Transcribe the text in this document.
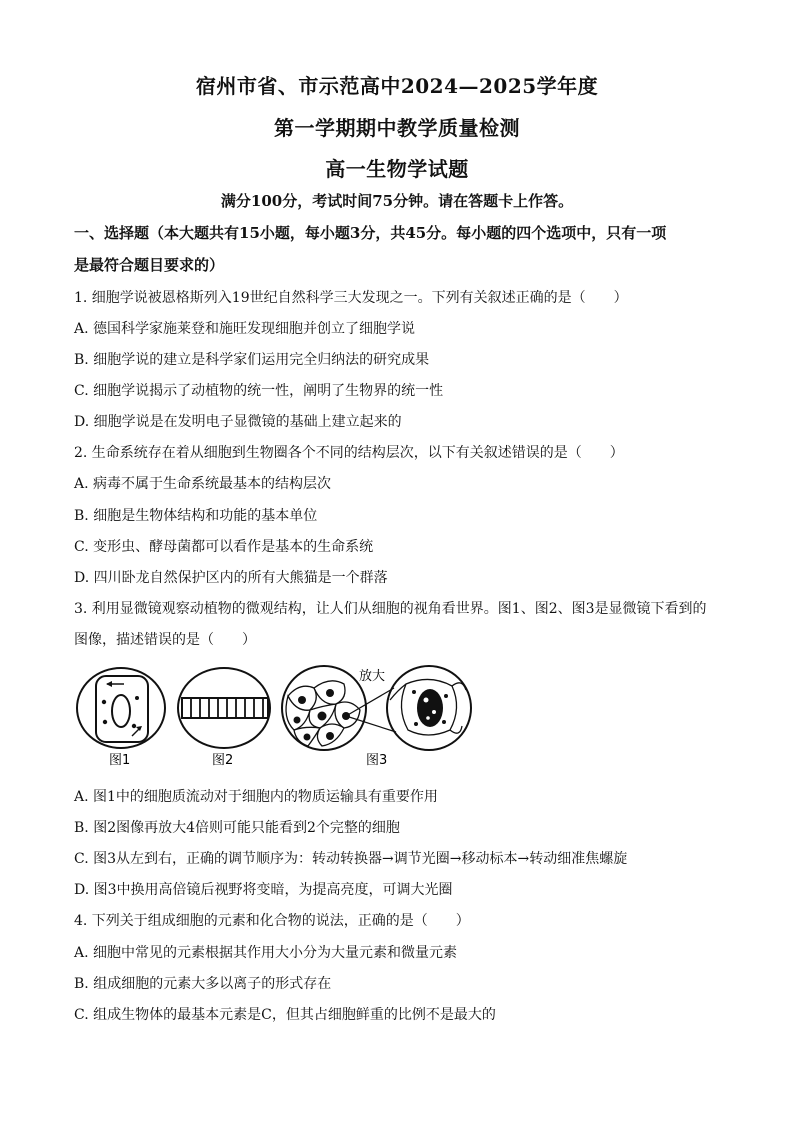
宿州市省、市示范高中2024—2025学年度
第一学期期中教学质量检测
高一生物学试题
满分100分，考试时间75分钟。请在答题卡上作答。
一、选择题（本大题共有15小题，每小题3分，共45分。每小题的四个选项中，只有一项
是最符合题目要求的）
1. 细胞学说被恩格斯列入19世纪自然科学三大发现之一。下列有关叙述正确的是（　　）
A. 德国科学家施莱登和施旺发现细胞并创立了细胞学说
B. 细胞学说的建立是科学家们运用完全归纳法的研究成果
C. 细胞学说揭示了动植物的统一性，阐明了生物界的统一性
D. 细胞学说是在发明电子显微镜的基础上建立起来的
2. 生命系统存在着从细胞到生物圈各个不同的结构层次，以下有关叙述错误的是（　　）
A. 病毒不属于生命系统最基本的结构层次
B. 细胞是生物体结构和功能的基本单位
C. 变形虫、酵母菌都可以看作是基本的生命系统
D. 四川卧龙自然保护区内的所有大熊猫是一个群落
3. 利用显微镜观察动植物的微观结构，让人们从细胞的视角看世界。图1、图2、图3是显微镜下看到的
图像，描述错误的是（　　）
放大
图1	图2	图3
A. 图1中的细胞质流动对于细胞内的物质运输具有重要作用
B. 图2图像再放大4倍则可能只能看到2个完整的细胞
C. 图3从左到右，正确的调节顺序为：转动转换器→调节光圈→移动标本→转动细准焦螺旋
D. 图3中换用高倍镜后视野将变暗，为提高亮度，可调大光圈
4. 下列关于组成细胞的元素和化合物的说法，正确的是（　　）
A. 细胞中常见的元素根据其作用大小分为大量元素和微量元素
B. 组成细胞的元素大多以离子的形式存在
C. 组成生物体的最基本元素是C，但其占细胞鲜重的比例不是最大的
